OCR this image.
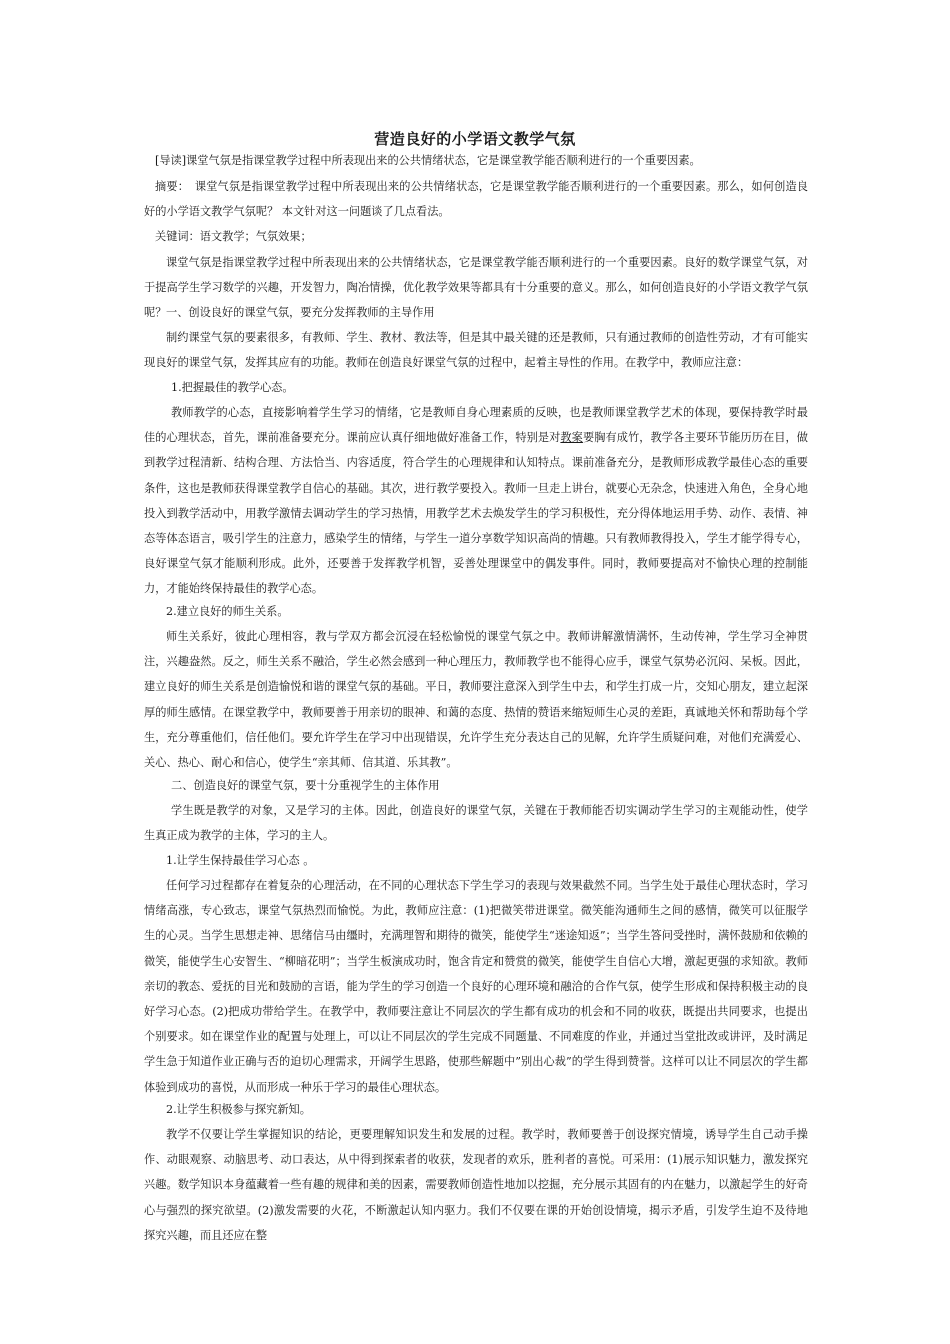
营造良好的小学语文教学气氛

[导读]课堂气氛是指课堂教学过程中所表现出来的公共情绪状态，它是课堂教学能否顺利进行的一个重要因素。

摘要：　课堂气氛是指课堂教学过程中所表现出来的公共情绪状态，它是课堂教学能否顺利进行的一个重要因素。那么，如何创造良好的小学语文教学气氛呢？ 本文针对这一问题谈了几点看法。

关键词：语文教学；气氛效果；

课堂气氛是指课堂教学过程中所表现出来的公共情绪状态，它是课堂教学能否顺利进行的一个重要因素。良好的数学课堂气氛，对于提高学生学习数学的兴趣，开发智力，陶冶情操，优化教学效果等都具有十分重要的意义。那么，如何创造良好的小学语文教学气氛呢？ 一、创设良好的课堂气氛，要充分发挥教师的主导作用

制约课堂气氛的要素很多，有教师、学生、教材、教法等，但是其中最关键的还是教师，只有通过教师的创造性劳动，才有可能实现良好的课堂气氛，发挥其应有的功能。教师在创造良好课堂气氛的过程中，起着主导性的作用。在教学中，教师应注意：

1.把握最佳的教学心态。

教师教学的心态，直接影响着学生学习的情绪，它是教师自身心理素质的反映，也是教师课堂教学艺术的体现，要保持教学时最佳的心理状态，首先，课前准备要充分。课前应认真仔细地做好准备工作，特别是对教案要胸有成竹，教学各主要环节能历历在目，做到教学过程清新、结构合理、方法恰当、内容适度，符合学生的心理规律和认知特点。课前准备充分，是教师形成教学最佳心态的重要条件，这也是教师获得课堂教学自信心的基础。其次，进行教学要投入。教师一旦走上讲台，就要心无杂念，快速进入角色，全身心地投入到教学活动中，用教学激情去调动学生的学习热情，用教学艺术去焕发学生的学习积极性，充分得体地运用手势、动作、表情、神态等体态语言，吸引学生的注意力，感染学生的情绪，与学生一道分享数学知识高尚的情趣。只有教师教得投入，学生才能学得专心，良好课堂气氛才能顺利形成。此外，还要善于发挥教学机智，妥善处理课堂中的偶发事件。同时，教师要提高对不愉快心理的控制能力，才能始终保持最佳的教学心态。

2.建立良好的师生关系。

师生关系好，彼此心理相容，教与学双方都会沉浸在轻松愉悦的课堂气氛之中。教师讲解激情满怀，生动传神，学生学习全神贯注，兴趣盎然。反之，师生关系不融洽，学生必然会感到一种心理压力，教师教学也不能得心应手，课堂气氛势必沉闷、呆板。因此，建立良好的师生关系是创造愉悦和谐的课堂气氛的基础。平日，教师要注意深入到学生中去，和学生打成一片，交知心朋友，建立起深厚的师生感情。在课堂教学中，教师要善于用亲切的眼神、和蔼的态度、热情的赞语来缩短师生心灵的差距，真诚地关怀和帮助每个学生，充分尊重他们，信任他们。要允许学生在学习中出现错误，允许学生充分表达自己的见解，允许学生质疑问难，对他们充满爱心、关心、热心、耐心和信心，使学生“亲其师、信其道、乐其教”。

二、创造良好的课堂气氛，要十分重视学生的主体作用

学生既是教学的对象，又是学习的主体。因此，创造良好的课堂气氛，关键在于教师能否切实调动学生学习的主观能动性，使学生真正成为教学的主体，学习的主人。

1.让学生保持最佳学习心态 。

任何学习过程都存在着复杂的心理活动，在不同的心理状态下学生学习的表现与效果截然不同。当学生处于最佳心理状态时，学习情绪高涨，专心致志，课堂气氛热烈而愉悦。为此，教师应注意：(1)把微笑带进课堂。微笑能沟通师生之间的感情，微笑可以征服学生的心灵。当学生思想走神、思绪信马由缰时，充满理智和期待的微笑，能使学生“迷途知返”；当学生答问受挫时，满怀鼓励和依赖的微笑，能使学生心安智生、“柳暗花明”；当学生板演成功时，饱含肯定和赞赏的微笑，能使学生自信心大增，激起更强的求知欲。教师亲切的教态、爱抚的目光和鼓励的言语，能为学生的学习创造一个良好的心理环境和融洽的合作气氛，使学生形成和保持积极主动的良好学习心态。(2)把成功带给学生。在教学中，教师要注意让不同层次的学生都有成功的机会和不同的收获，既提出共同要求，也提出个别要求。如在课堂作业的配置与处理上，可以让不同层次的学生完成不同题量、不同难度的作业，并通过当堂批改或讲评，及时满足学生急于知道作业正确与否的迫切心理需求，开阔学生思路，使那些解题中”别出心裁”的学生得到赞誉。这样可以让不同层次的学生都体验到成功的喜悦，从而形成一种乐于学习的最佳心理状态。

2.让学生积极参与探究新知。

教学不仅要让学生掌握知识的结论，更要理解知识发生和发展的过程。教学时，教师要善于创设探究情境，诱导学生自己动手操作、动眼观察、动脑思考、动口表达，从中得到探索者的收获，发现者的欢乐，胜利者的喜悦。可采用：(1)展示知识魅力，激发探究兴趣。数学知识本身蕴藏着一些有趣的规律和美的因素，需要教师创造性地加以挖掘，充分展示其固有的内在魅力，以激起学生的好奇心与强烈的探究欲望。(2)激发需要的火花，不断激起认知内驱力。我们不仅要在课的开始创设情境，揭示矛盾，引发学生迫不及待地探究兴趣，而且还应在整
